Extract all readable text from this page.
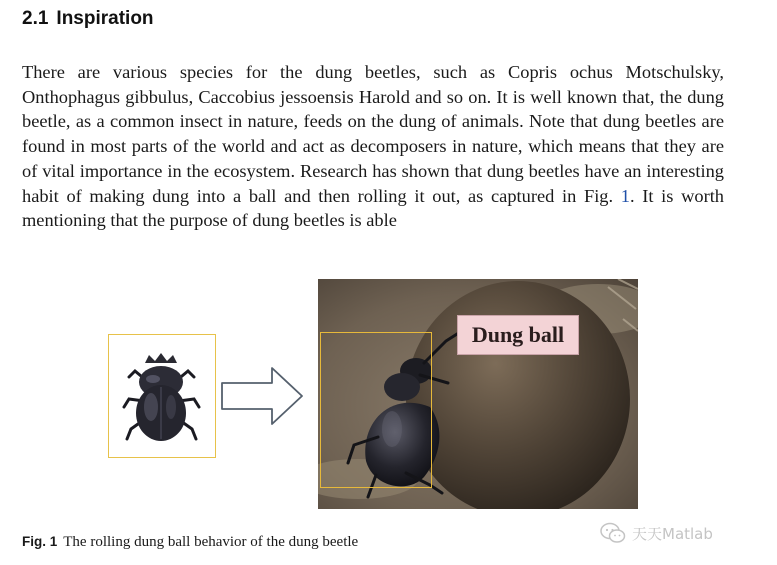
2.1 Inspiration

There are various species for the dung beetles, such as Copris ochus Motschulsky, Onthophagus gibbulus, Caccobius jessoensis Harold and so on. It is well known that, the dung beetle, as a common insect in nature, feeds on the dung of animals. Note that dung beetles are found in most parts of the world and act as decomposers in nature, which means that they are of vital importance in the ecosystem. Research has shown that dung beetles have an interesting habit of making dung into a ball and then rolling it out, as captured in Fig. 1. It is worth mentioning that the purpose of dung beetles is able

Dung ball
Fig. 1 The rolling dung ball behavior of the dung beetle	天天Matlab
